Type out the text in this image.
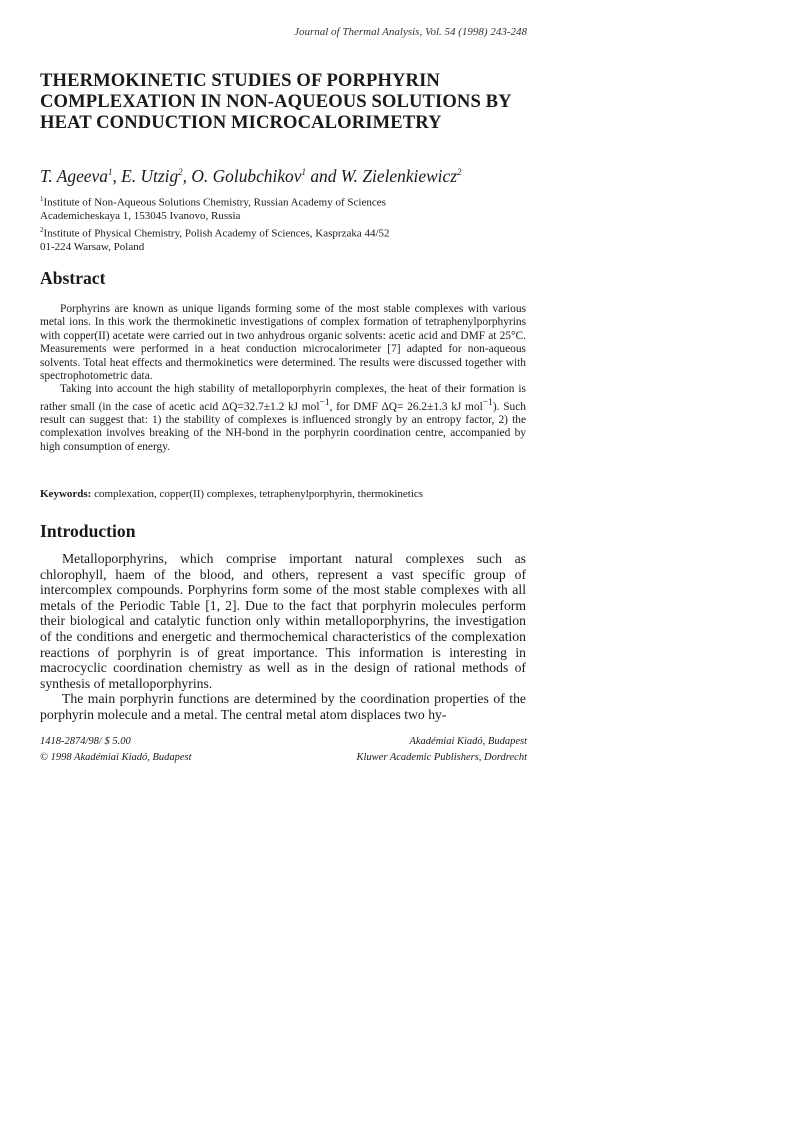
Journal of Thermal Analysis, Vol. 54 (1998) 243-248
THERMOKINETIC STUDIES OF PORPHYRIN
COMPLEXATION IN NON-AQUEOUS SOLUTIONS BY
HEAT CONDUCTION MICROCALORIMETRY
T. Ageeva$^1$, E. Utzig$^2$, O. Golubchikov$^1$ and W. Zielenkiewicz$^2$
$^1$Institute of Non-Aqueous Solutions Chemistry, Russian Academy of Sciences
Academicheskaya 1, 153045 Ivanovo, Russia
$^2$Institute of Physical Chemistry, Polish Academy of Sciences, Kasprzaka 44/52
01-224 Warsaw, Poland
Abstract

Porphyrins are known as unique ligands forming some of the most stable complexes with various metal ions. In this work the thermokinetic investigations of complex formation of tetraphenylporphyrins with copper(II) acetate were carried out in two anhydrous organic solvents: acetic acid and DMF at 25°C. Measurements were performed in a heat conduction microcalorimeter [7] adapted for non-aqueous solvents. Total heat effects and thermokinetics were determined. The results were discussed together with spectrophotometric data.

Taking into account the high stability of metalloporphyrin complexes, the heat of their formation is rather small (in the case of acetic acid ΔQ=32.7±1.2 kJ mol$^{-1}$, for DMF ΔQ= 26.2±1.3 kJ mol$^{-1}$). Such result can suggest that: 1) the stability of complexes is influenced strongly by an entropy factor, 2) the complexation involves breaking of the NH-bond in the porphyrin coordination centre, accompanied by high consumption of energy.

Keywords: complexation, copper(II) complexes, tetraphenylporphyrin, thermokinetics
Introduction

Metalloporphyrins, which comprise important natural complexes such as chlorophyll, haem of the blood, and others, represent a vast specific group of intercomplex compounds. Porphyrins form some of the most stable complexes with all metals of the Periodic Table [1, 2]. Due to the fact that porphyrin molecules perform their biological and catalytic function only within metalloporphyrins, the investigation of the conditions and energetic and thermochemical characteristics of the complexation reactions of porphyrin is of great importance. This information is interesting in macrocyclic coordination chemistry as well as in the design of rational methods of synthesis of metalloporphyrins.

The main porphyrin functions are determined by the coordination properties of the porphyrin molecule and a metal. The central metal atom displaces two hy-

1418-2874/98/ $ 5.00
© 1998 Akadémiai Kiadó, Budapest
Akadémiai Kiadó, Budapest
Kluwer Academic Publishers, Dordrecht
